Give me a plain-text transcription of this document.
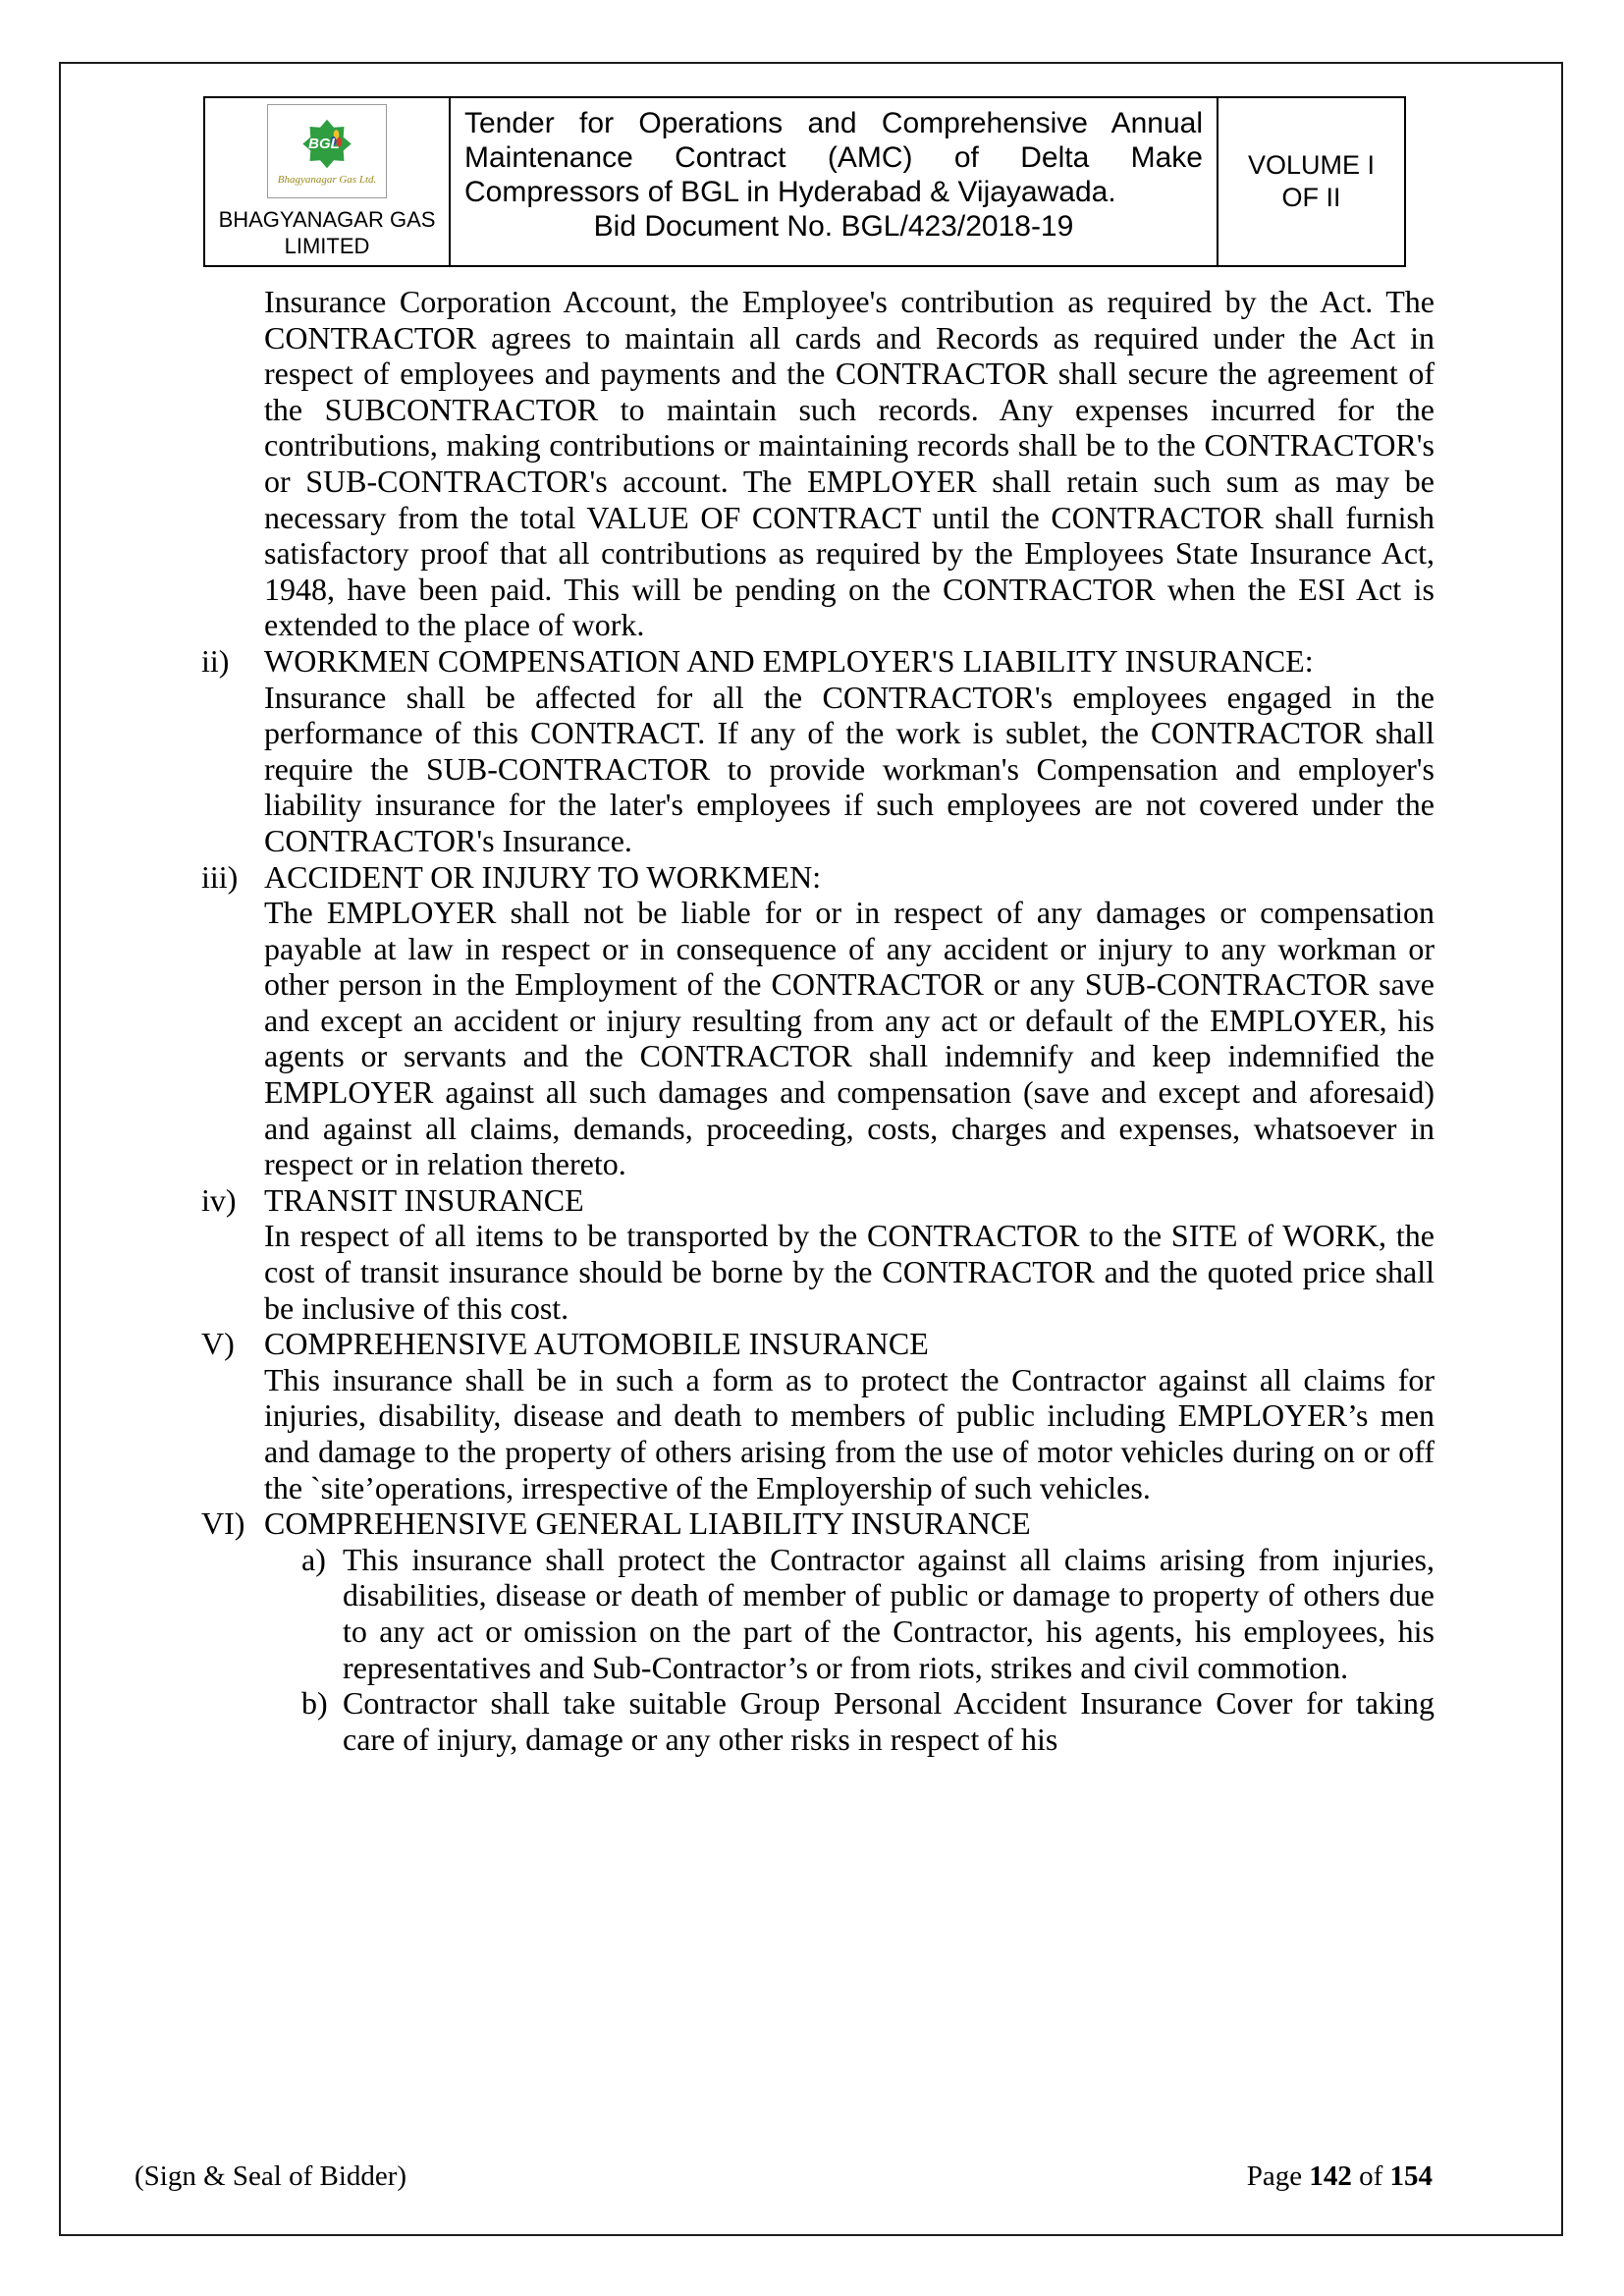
BGL
Bhagyanagar Gas Ltd.
BHAGYANAGAR GAS LIMITED
Tender for Operations and Comprehensive Annual Maintenance Contract (AMC) of Delta Make Compressors of BGL in Hyderabad & Vijayawada.
Bid Document No. BGL/423/2018-19
VOLUME I
OF II

Insurance Corporation Account, the Employee's contribution as required by the Act. The CONTRACTOR agrees to maintain all cards and Records as required under the Act in respect of employees and payments and the CONTRACTOR shall secure the agreement of the SUBCONTRACTOR to maintain such records. Any expenses incurred for the contributions, making contributions or maintaining records shall be to the CONTRACTOR's or SUB-CONTRACTOR's account. The EMPLOYER shall retain such sum as may be necessary from the total VALUE OF CONTRACT until the CONTRACTOR shall furnish satisfactory proof that all contributions as required by the Employees State Insurance Act, 1948, have been paid. This will be pending on the CONTRACTOR when the ESI Act is extended to the place of work.

ii)	WORKMEN COMPENSATION AND EMPLOYER'S LIABILITY INSURANCE:

Insurance shall be affected for all the CONTRACTOR's employees engaged in the performance of this CONTRACT. If any of the work is sublet, the CONTRACTOR shall require the SUB-CONTRACTOR to provide workman's Compensation and employer's liability insurance for the later's employees if such employees are not covered under the CONTRACTOR's Insurance.

iii) ACCIDENT OR INJURY TO WORKMEN:

The EMPLOYER shall not be liable for or in respect of any damages or compensation payable at law in respect or in consequence of any accident or injury to any workman or other person in the Employment of the CONTRACTOR or any SUB-CONTRACTOR save and except an accident or injury resulting from any act or default of the EMPLOYER, his agents or servants and the CONTRACTOR shall indemnify and keep indemnified the EMPLOYER against all such damages and compensation (save and except and aforesaid) and against all claims, demands, proceeding, costs, charges and expenses, whatsoever in respect or in relation thereto.

iv) TRANSIT INSURANCE

In respect of all items to be transported by the CONTRACTOR to the SITE of WORK, the cost of transit insurance should be borne by the CONTRACTOR and the quoted price shall be inclusive of this cost.

V) COMPREHENSIVE AUTOMOBILE INSURANCE

This insurance shall be in such a form as to protect the Contractor against all claims for injuries, disability, disease and death to members of public including EMPLOYER’s men and damage to the property of others arising from the use of motor vehicles during on or off the `site’operations, irrespective of the Employership of such vehicles.

VI) COMPREHENSIVE GENERAL LIABILITY INSURANCE
a) This insurance shall protect the Contractor against all claims arising from injuries, disabilities, disease or death of member of public or damage to property of others due to any act or omission on the part of the Contractor, his agents, his employees, his representatives and Sub-Contractor’s or from riots, strikes and civil commotion.

b) Contractor shall take suitable Group Personal Accident Insurance Cover for taking care of injury, damage or any other risks in respect of his

(Sign & Seal of Bidder)	Page 142 of 154
